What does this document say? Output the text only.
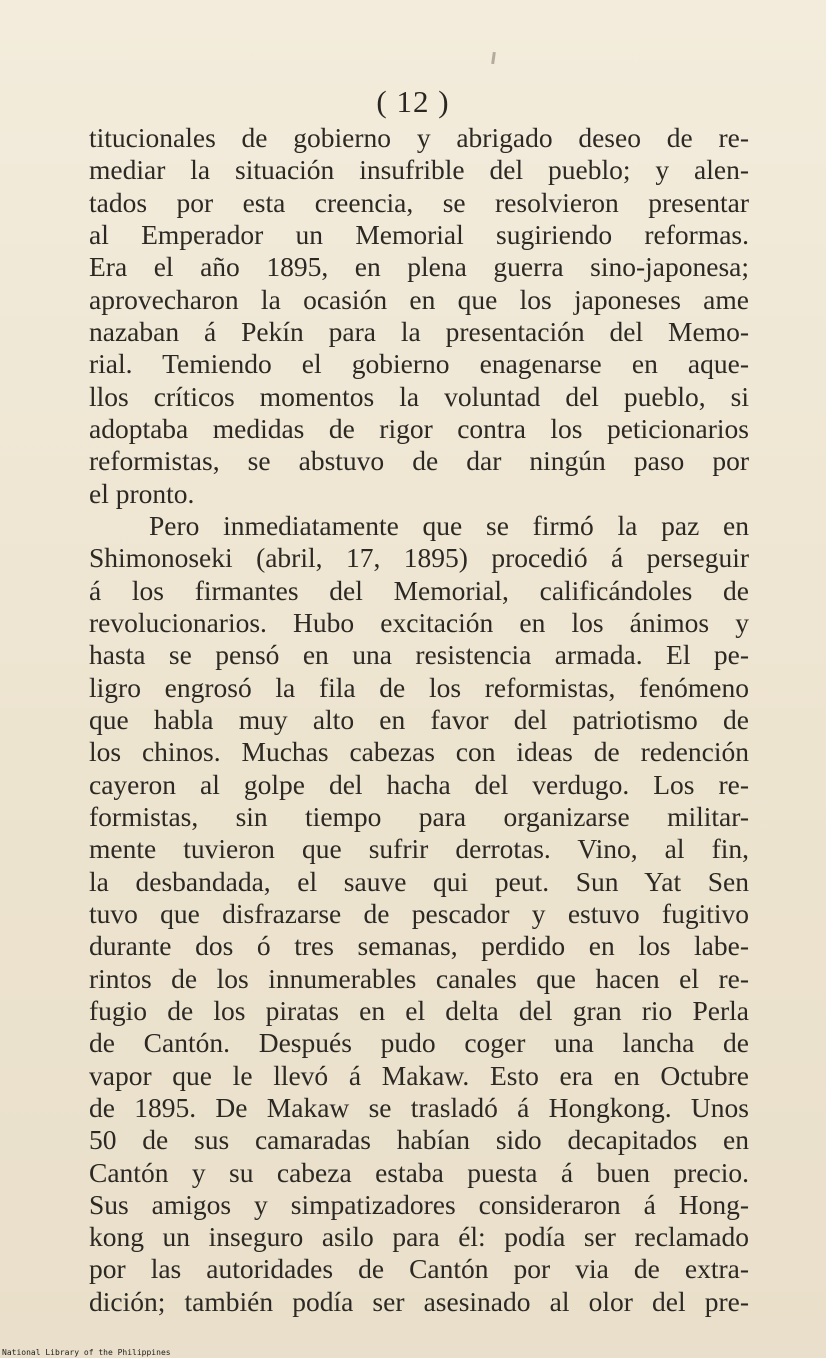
( 12 )
titucionales de gobierno y abrigado deseo de re-
mediar la situación insufrible del pueblo; y alen-
tados por esta creencia, se resolvieron presentar
al Emperador un Memorial sugiriendo reformas.
Era el año 1895, en plena guerra sino-japonesa;
aprovecharon la ocasión en que los japoneses ame
nazaban á Pekín para la presentación del Memo-
rial. Temiendo el gobierno enagenarse en aque-
llos críticos momentos la voluntad del pueblo, si
adoptaba medidas de rigor contra los peticionarios
reformistas, se abstuvo de dar ningún paso por
el pronto.
Pero inmediatamente que se firmó la paz en
Shimonoseki (abril, 17, 1895) procedió á perseguir
á los firmantes del Memorial, calificándoles de
revolucionarios. Hubo excitación en los ánimos y
hasta se pensó en una resistencia armada. El pe-
ligro engrosó la fila de los reformistas, fenómeno
que habla muy alto en favor del patriotismo de
los chinos. Muchas cabezas con ideas de redención
cayeron al golpe del hacha del verdugo. Los re-
formistas, sin tiempo para organizarse militar-
mente tuvieron que sufrir derrotas. Vino, al fin,
la desbandada, el sauve qui peut. Sun Yat Sen
tuvo que disfrazarse de pescador y estuvo fugitivo
durante dos ó tres semanas, perdido en los labe-
rintos de los innumerables canales que hacen el re-
fugio de los piratas en el delta del gran rio Perla
de Cantón. Después pudo coger una lancha de
vapor que le llevó á Makaw. Esto era en Octubre
de 1895. De Makaw se trasladó á Hongkong. Unos
50 de sus camaradas habían sido decapitados en
Cantón y su cabeza estaba puesta á buen precio.
Sus amigos y simpatizadores consideraron á Hong-
kong un inseguro asilo para él: podía ser reclamado
por las autoridades de Cantón por via de extra-
dición; también podía ser asesinado al olor del pre-
National Library of the Philippines
